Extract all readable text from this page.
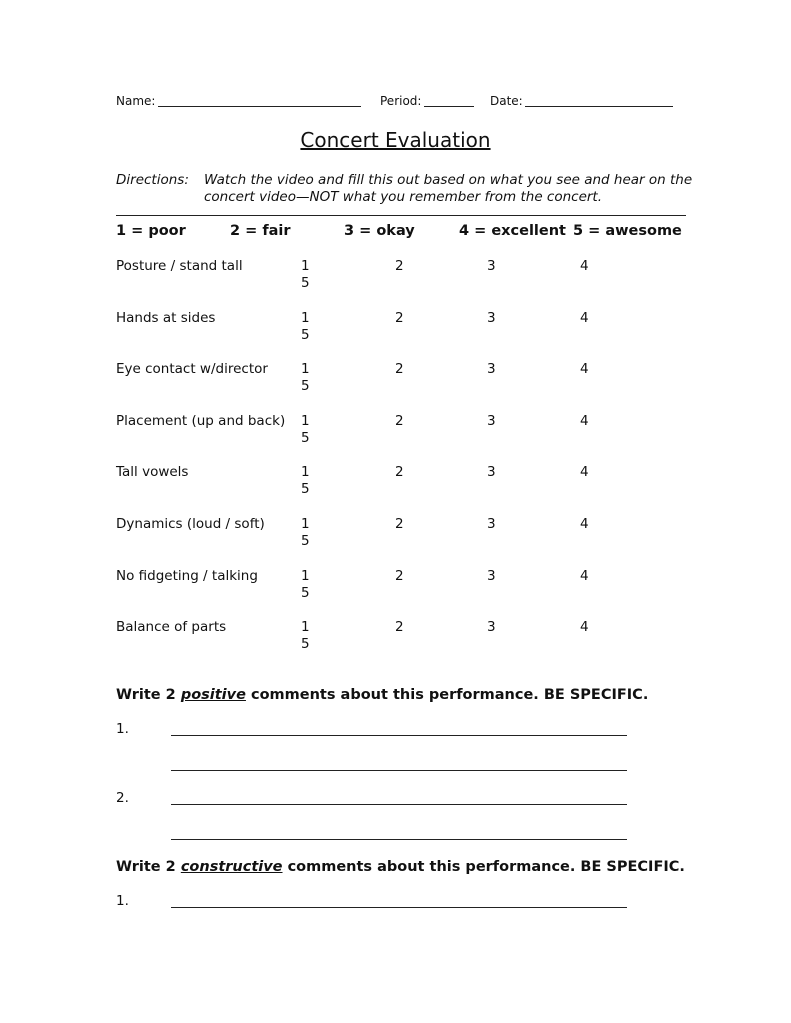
Name:	Period:	Date:
Concert Evaluation
Directions: Watch the video and fill this out based on what you see and hear on the
concert video—NOT what you remember from the concert.
1 = poor	2 = fair	3 = okay	4 = excellent 5 = awesome
Posture / stand tall	1	2	3	4
5
Hands at sides	1	2	3	4
5
Eye contact w/director 1	2	3	4
5
Placement (up and back) 1	2	3	4
5
Tall vowels	1	2	3	4
5
Dynamics (loud / soft)	1	2	3	4
5
No fidgeting / talking	1	2	3	4
5
Balance of parts	1	2	3	4
5
Write 2 positive comments about this performance. BE SPECIFIC.
1.
2.
Write 2 constructive comments about this performance. BE SPECIFIC.
1.
